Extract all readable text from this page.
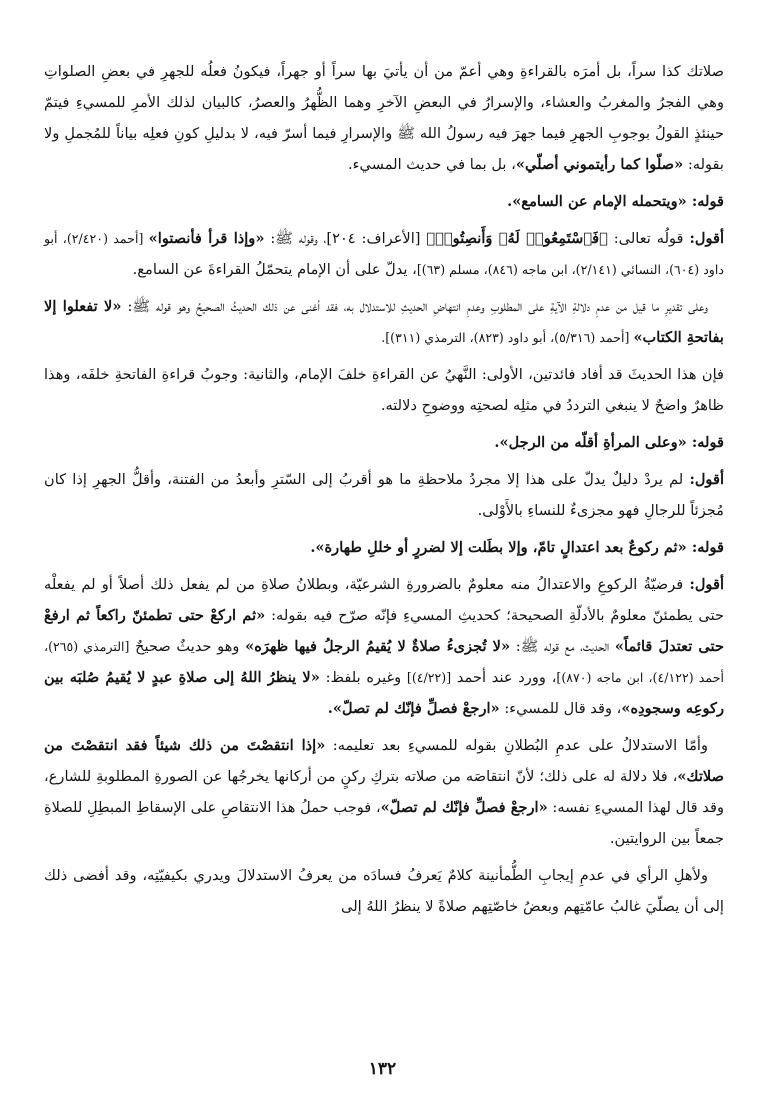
صلاتك كذا سراً، بل أمرَه بالقراءةِ وهي أعمّ من أن يأتيَ بها سراً أو جهراً، فيكونُ فعلُه للجهرِ في بعضِ الصلواتِ وهي الفجرُ والمغربُ والعشاء، والإسرارُ في البعضِ الآخرِ وهما الظُّهرُ والعصرُ، كالبيان لذلك الأمرِ للمسيءِ فيتمّ حينئذٍ القولُ بوجوبِ الجهرِ فيما جهرَ فيه رسولُ الله ﷺ والإسرارِ فيما أسرّ فيه، لا بدليلِ كونِ فعلِه بياناً للمُجملِ ولا بقوله: «صلّوا كما رأيتموني أصلّي»، بل بما في حديث المسيء.

قوله: «ويتحمله الإمام عن السامع».

أقول: قولُه تعالى: ﴿فَٱسْتَمِعُوا۟ لَهُۥ وَأَنصِتُوا۟﴾ [الأعراف: ٢٠٤]، وقوله ﷺ: «وإذا قرأ فأنصتوا» [أحمد (٢/٤٢٠)، أبو داود (٦٠٤)، النسائي (٢/١٤١)، ابن ماجه (٨٤٦)، مسلم (٦٣)]، يدلّ على أن الإمام يتحمّلُ القراءةَ عن السامع.

وعلى تقديرِ ما قيل من عدمِ دلالةِ الآيةِ على المطلوبِ وعدمِ انتهاضِ الحديثِ للاستدلال به، فقد أغنى عن ذلك الحديثُ الصحيحُ وهو قوله ﷺ: «لا تفعلوا إلا بفاتحةِ الكتاب» [أحمد (٥/٣١٦)، أبو داود (٨٢٣)، الترمذي (٣١١)].

فإن هذا الحديثَ قد أفاد فائدتين، الأولى: النَّهيُ عن القراءةِ خلفَ الإمام، والثانية: وجوبُ قراءةِ الفاتحةِ خلفَه، وهذا ظاهرٌ واضحٌ لا ينبغي الترددُ في مثلِه لصحتِه ووضوحِ دلالته.

قوله: «وعلى المرأةِ أقلّه من الرجل».

أقول: لم يردْ دليلٌ يدلّ على هذا إلا مجردُ ملاحظةِ ما هو أقربُ إلى السّترِ وأبعدُ من الفتنة، وأقلُّ الجهرِ إذا كان مُجزئاً للرجالِ فهو مجزىءٌ للنساءِ بالأَوْلى.

قوله: «ثم ركوعٌ بعد اعتدالٍ تامّ، وإلا بطَلت إلا لضررٍ أو خللِ طهارة».

أقول: فرضيّةُ الركوعِ والاعتدالُ منه معلومٌ بالضرورةِ الشرعيّة، وبطلانُ صلاةِ من لم يفعل ذلك أصلاً أو لم يفعلْه حتى يطمئنّ معلومٌ بالأدلّةِ الصحيحة؛ كحديثِ المسيءِ فإنّه صرّح فيه بقوله: «ثم اركعْ حتى تطمئنّ راكعاً ثم ارفعْ حتى تعتدلَ قائماً» الحديث، مع قوله ﷺ: «لا تُجزىءُ صلاةٌ لا يُقيمُ الرجلُ فيها ظهرَه» وهو حديثٌ صحيحٌ [الترمذي (٢٦٥)، أحمد (٤/١٢٢)، ابن ماجه (٨٧٠)]، وورد عند أحمد [(٤/٢٢)] وغيره بلفظ: «لا ينظرُ اللهُ إلى صلاةِ عبدٍ لا يُقيمُ صُلبَه بين ركوعِه وسجودِه»، وقد قال للمسيء: «ارجعْ فصلِّ فإنّك لم تصلّ».

وأمّا الاستدلالُ على عدمِ البُطلانِ بقوله للمسيءِ بعد تعليمه: «إذا انتقصْتَ من ذلك شيئاً فقد انتقصْتَ من صلاتك»، فلا دلالة له على ذلك؛ لأنّ انتقاصَه من صلاته بتركِ ركنٍ من أركانها يخرجُها عن الصورةِ المطلوبةِ للشارع، وقد قال لهذا المسيءِ نفسه: «ارجعْ فصلِّ فإنّك لم تصلّ»، فوجب حملُ هذا الانتقاصِ على الإسقاطِ المبطِلِ للصلاةِ جمعاً بين الروايتين.

ولأهلِ الرأي في عدمِ إيجابِ الطُّمأنينة كلامٌ يَعرفُ فسادَه من يعرفُ الاستدلالَ ويدري بكيفيّتِه، وقد أفضى ذلك إلى أن يصلّيَ غالبُ عامّتِهم وبعضُ خاصّتِهم صلاةً لا ينظرُ اللهُ إلى

١٣٢
